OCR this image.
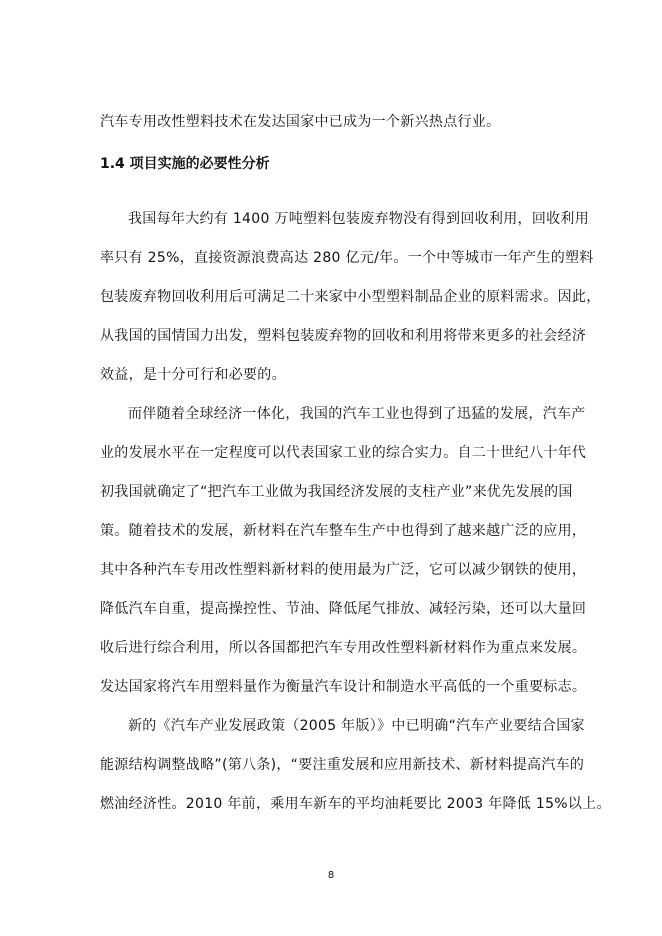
汽车专用改性塑料技术在发达国家中已成为一个新兴热点行业。
1.4 项目实施的必要性分析
我国每年大约有 1400 万吨塑料包装废弃物没有得到回收利用，回收利用
率只有 25%，直接资源浪费高达 280 亿元/年。一个中等城市一年产生的塑料
包装废弃物回收利用后可满足二十来家中小型塑料制品企业的原料需求。因此，
从我国的国情国力出发，塑料包装废弃物的回收和利用将带来更多的社会经济
效益，是十分可行和必要的。
而伴随着全球经济一体化，我国的汽车工业也得到了迅猛的发展，汽车产
业的发展水平在一定程度可以代表国家工业的综合实力。自二十世纪八十年代
初我国就确定了“把汽车工业做为我国经济发展的支柱产业”来优先发展的国
策。随着技术的发展，新材料在汽车整车生产中也得到了越来越广泛的应用，
其中各种汽车专用改性塑料新材料的使用最为广泛，它可以减少钢铁的使用，
降低汽车自重，提高操控性、节油、降低尾气排放、减轻污染，还可以大量回
收后进行综合利用，所以各国都把汽车专用改性塑料新材料作为重点来发展。
发达国家将汽车用塑料量作为衡量汽车设计和制造水平高低的一个重要标志。
新的《汽车产业发展政策（2005 年版）》中已明确“汽车产业要结合国家
能源结构调整战略”(第八条)，“要注重发展和应用新技术、新材料提高汽车的
燃油经济性。2010 年前，乘用车新车的平均油耗要比 2003 年降低 15%以上。
8
